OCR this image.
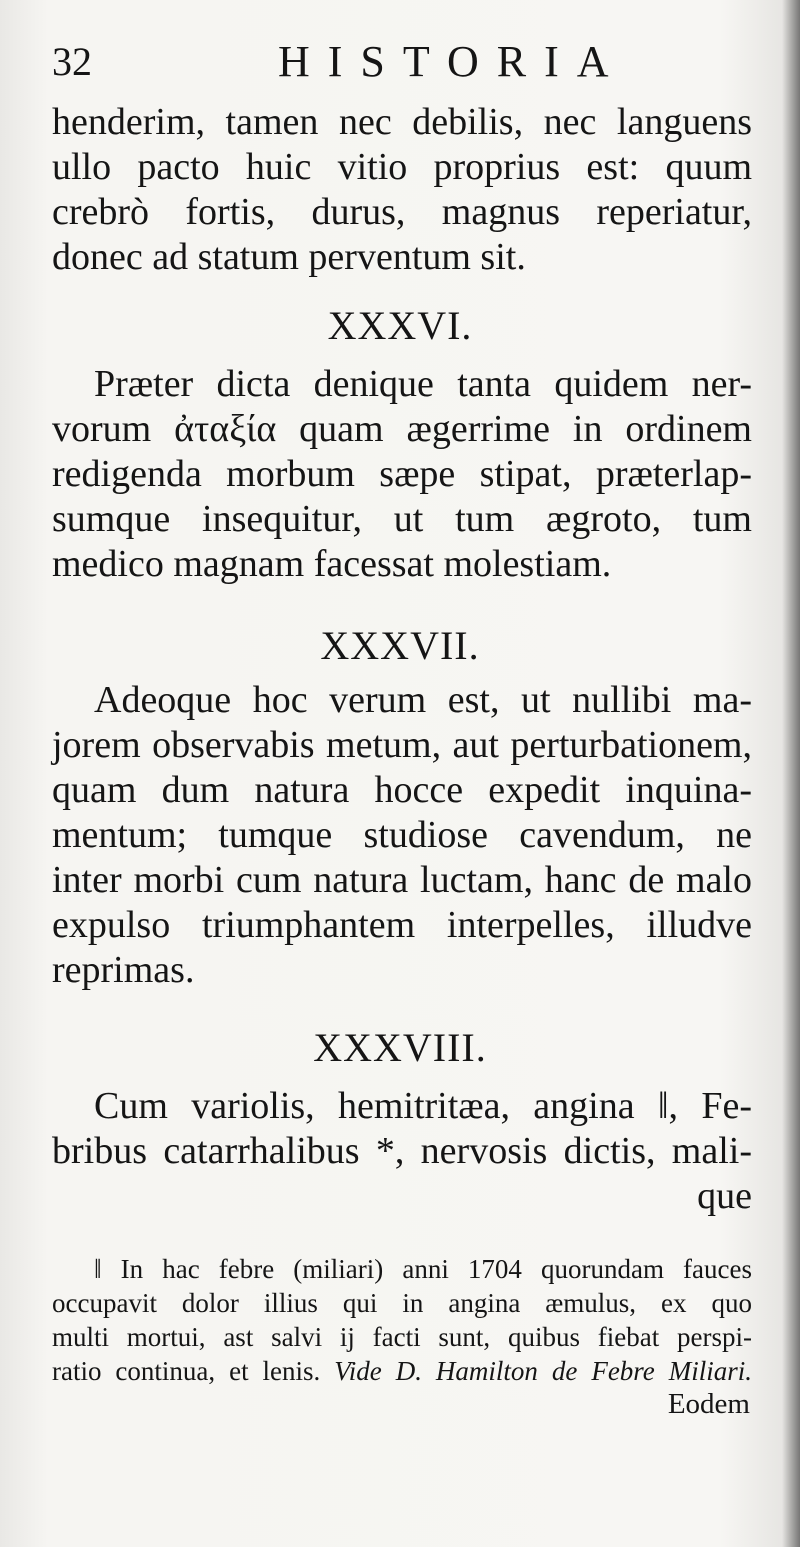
32	HISTORIA
henderim, tamen nec debilis, nec languens
ullo pacto huic vitio proprius est: quum
crebrò fortis, durus, magnus reperiatur,
donec ad statum perventum sit.
XXXVI.
Præter dicta denique tanta quidem ner-
vorum ἀταξία quam ægerrime in ordinem
redigenda morbum sæpe stipat, præterlap-
sumque insequitur, ut tum ægroto, tum
medico magnam facessat molestiam.
XXXVII.
Adeoque hoc verum est, ut nullibi ma-
jorem observabis metum, aut perturbationem,
quam dum natura hocce expedit inquina-
mentum; tumque studiose cavendum, ne
inter morbi cum natura luctam, hanc de malo
expulso triumphantem interpelles, illudve
reprimas.
XXXVIII.
Cum variolis, hemitritæa, angina ‖, Fe-
bribus catarrhalibus *, nervosis dictis, mali-
que
‖ In hac febre (miliari) anni 1704 quorundam fauces
occupavit dolor illius qui in angina æmulus, ex quo
multi mortui, ast salvi ij facti sunt, quibus fiebat perspi-
ratio continua, et lenis. Vide D. Hamilton de Febre Miliari.
Eodem
